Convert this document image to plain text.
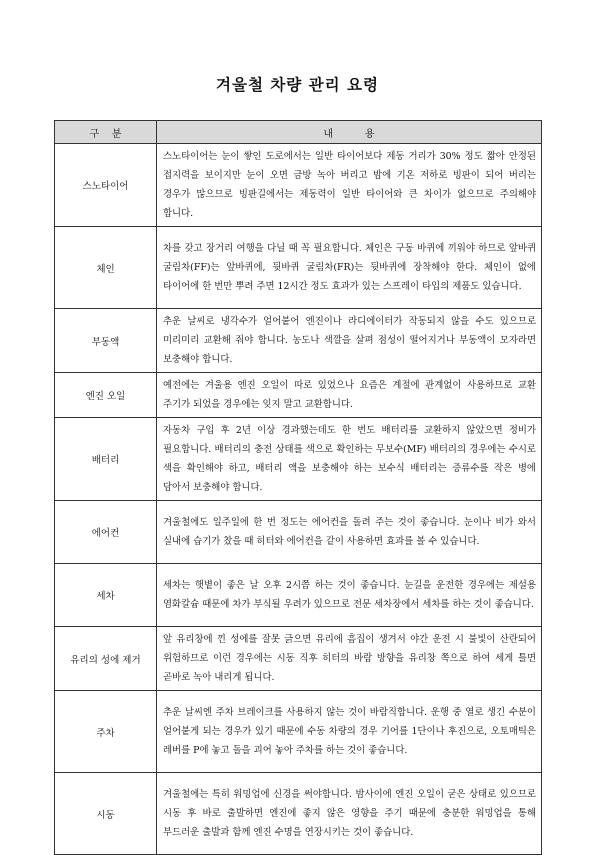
겨울철 차량 관리 요령
구    분	내          용
스노타이어	스노타이어는 눈이 쌓인 도로에서는 일반 타이어보다 제동 거리가 30% 정도 짧아 안정된 접지력을 보이지만 눈이 오면 금방 녹아 버리고 밤에 기온 저하로 빙판이 되어 버리는 경우가 많으므로 빙판길에서는 제동력이 일반 타이어와 큰 차이가 없으므로 주의해야 합니다.
체인	차를 갖고 장거리 여행을 다닐 때 꼭 필요합니다. 체인은 구동 바퀴에 끼워야 하므로 앞바퀴 굴림차(FF)는 앞바퀴에, 뒷바퀴 굴림차(FR)는 뒷바퀴에 장착해야 한다. 체인이 없에 타이어에 한 번만 뿌려 주면 12시간 정도 효과가 있는 스프레이 타입의 제품도 있습니다.
부동액	추운 날씨로 냉각수가 얼어붙어 엔진이나 라디에이터가 작동되지 않을 수도 있으므로 미리미리 교환해 줘야 합니다. 농도나 색깔을 살펴 점성이 떨어지거나 부동액이 모자라면 보충해야 합니다.
엔진 오일	예전에는 겨울용 엔진 오일이 따로 있었으나 요즘은 계절에 관계없이 사용하므로 교환 주기가 되었을 경우에는 잊지 말고 교환합니다.
배터리	자동차 구입 후 2년 이상 경과했는데도 한 번도 배터리를 교환하지 않았으면 정비가 필요합니다. 배터리의 충전 상태를 색으로 확인하는 무보수(MF) 배터리의 경우에는 수시로 색을 확인해야 하고, 배터리 액을 보충해야 하는 보수식 배터리는 증류수를 작은 병에 담아서 보충해야 합니다.
에어컨	겨울철에도 일주일에 한 번 정도는 에어컨을 돌려 주는 것이 좋습니다. 눈이나 비가 와서 실내에 습기가 찼을 때 히터와 에어컨을 같이 사용하면 효과를 볼 수 있습니다.
세차	세차는 햇볕이 좋은 날 오후 2시쯤 하는 것이 좋습니다. 눈길을 운전한 경우에는 제설용 염화칼슘 때문에 차가 부식될 우려가 있으므로 전문 세차장에서 세차를 하는 것이 좋습니다.
유리의 성에 제거	앞 유리창에 낀 성에를 잘못 긁으면 유리에 흠집이 생겨서 야간 운전 시 불빛이 산란되어 위험하므로 이런 경우에는 시동 직후 히터의 바람 방향을 유리창 쪽으로 하여 세게 틀면 곧바로 녹아 내리게 됩니다.
주차	추운 날씨엔 주차 브레이크를 사용하지 않는 것이 바람직합니다. 운행 중 열로 생긴 수분이 얼어붙게 되는 경우가 있기 때문에 수동 차량의 경우 기어를 1단이나 후진으로, 오토매틱은 레버를 P에 놓고 돌을 괴어 놓아 주차를 하는 것이 좋습니다.
시동	겨울철에는 특히 워밍업에 신경을 써야합니다. 밤사이에 엔진 오일이 굳은 상태로 있으므로 시동 후 바로 출발하면 엔진에 좋지 않은 영향을 주기 때문에 충분한 워밍업을 통해 부드러운 출발과 함께 엔진 수명을 연장시키는 것이 좋습니다.
